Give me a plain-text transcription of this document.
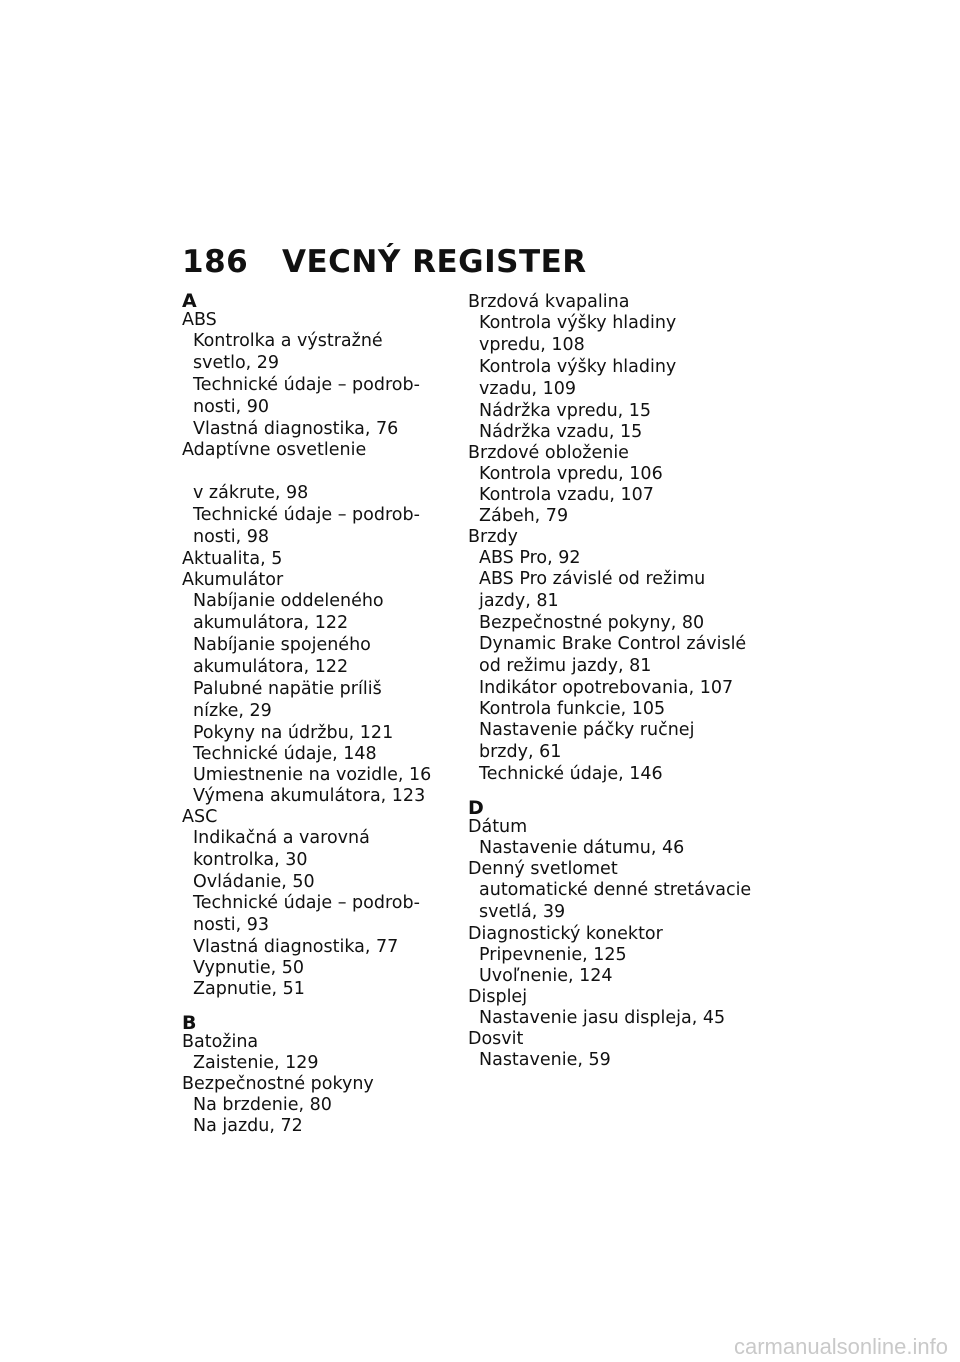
186 VECNÝ REGISTER
A
ABS
Kontrolka a výstražné
svetlo, 29
Technické údaje – podrob-
nosti, 90
Vlastná diagnostika, 76
Adaptívne osvetlenie

v zákrute, 98
Technické údaje – podrob-
nosti, 98
Aktualita, 5
Akumulátor
Nabíjanie oddeleného
akumulátora, 122
Nabíjanie spojeného
akumulátora, 122
Palubné napätie príliš
nízke, 29
Pokyny na údržbu, 121
Technické údaje, 148
Umiestnenie na vozidle, 16
Výmena akumulátora, 123
ASC
Indikačná a varovná
kontrolka, 30
Ovládanie, 50
Technické údaje – podrob-
nosti, 93
Vlastná diagnostika, 77
Vypnutie, 50
Zapnutie, 51
B
Batožina
Zaistenie, 129
Bezpečnostné pokyny
Na brzdenie, 80
Na jazdu, 72
Brzdová kvapalina
Kontrola výšky hladiny
vpredu, 108
Kontrola výšky hladiny
vzadu, 109
Nádržka vpredu, 15
Nádržka vzadu, 15
Brzdové obloženie
Kontrola vpredu, 106
Kontrola vzadu, 107
Zábeh, 79
Brzdy
ABS Pro, 92
ABS Pro závislé od režimu
jazdy, 81
Bezpečnostné pokyny, 80
Dynamic Brake Control závislé
od režimu jazdy, 81
Indikátor opotrebovania, 107
Kontrola funkcie, 105
Nastavenie páčky ručnej
brzdy, 61
Technické údaje, 146
D
Dátum
Nastavenie dátumu, 46
Denný svetlomet
automatické denné stretávacie
svetlá, 39
Diagnostický konektor
Pripevnenie, 125
Uvoľnenie, 124
Displej
Nastavenie jasu displeja, 45
Dosvit
Nastavenie, 59
carmanualsonline.info
